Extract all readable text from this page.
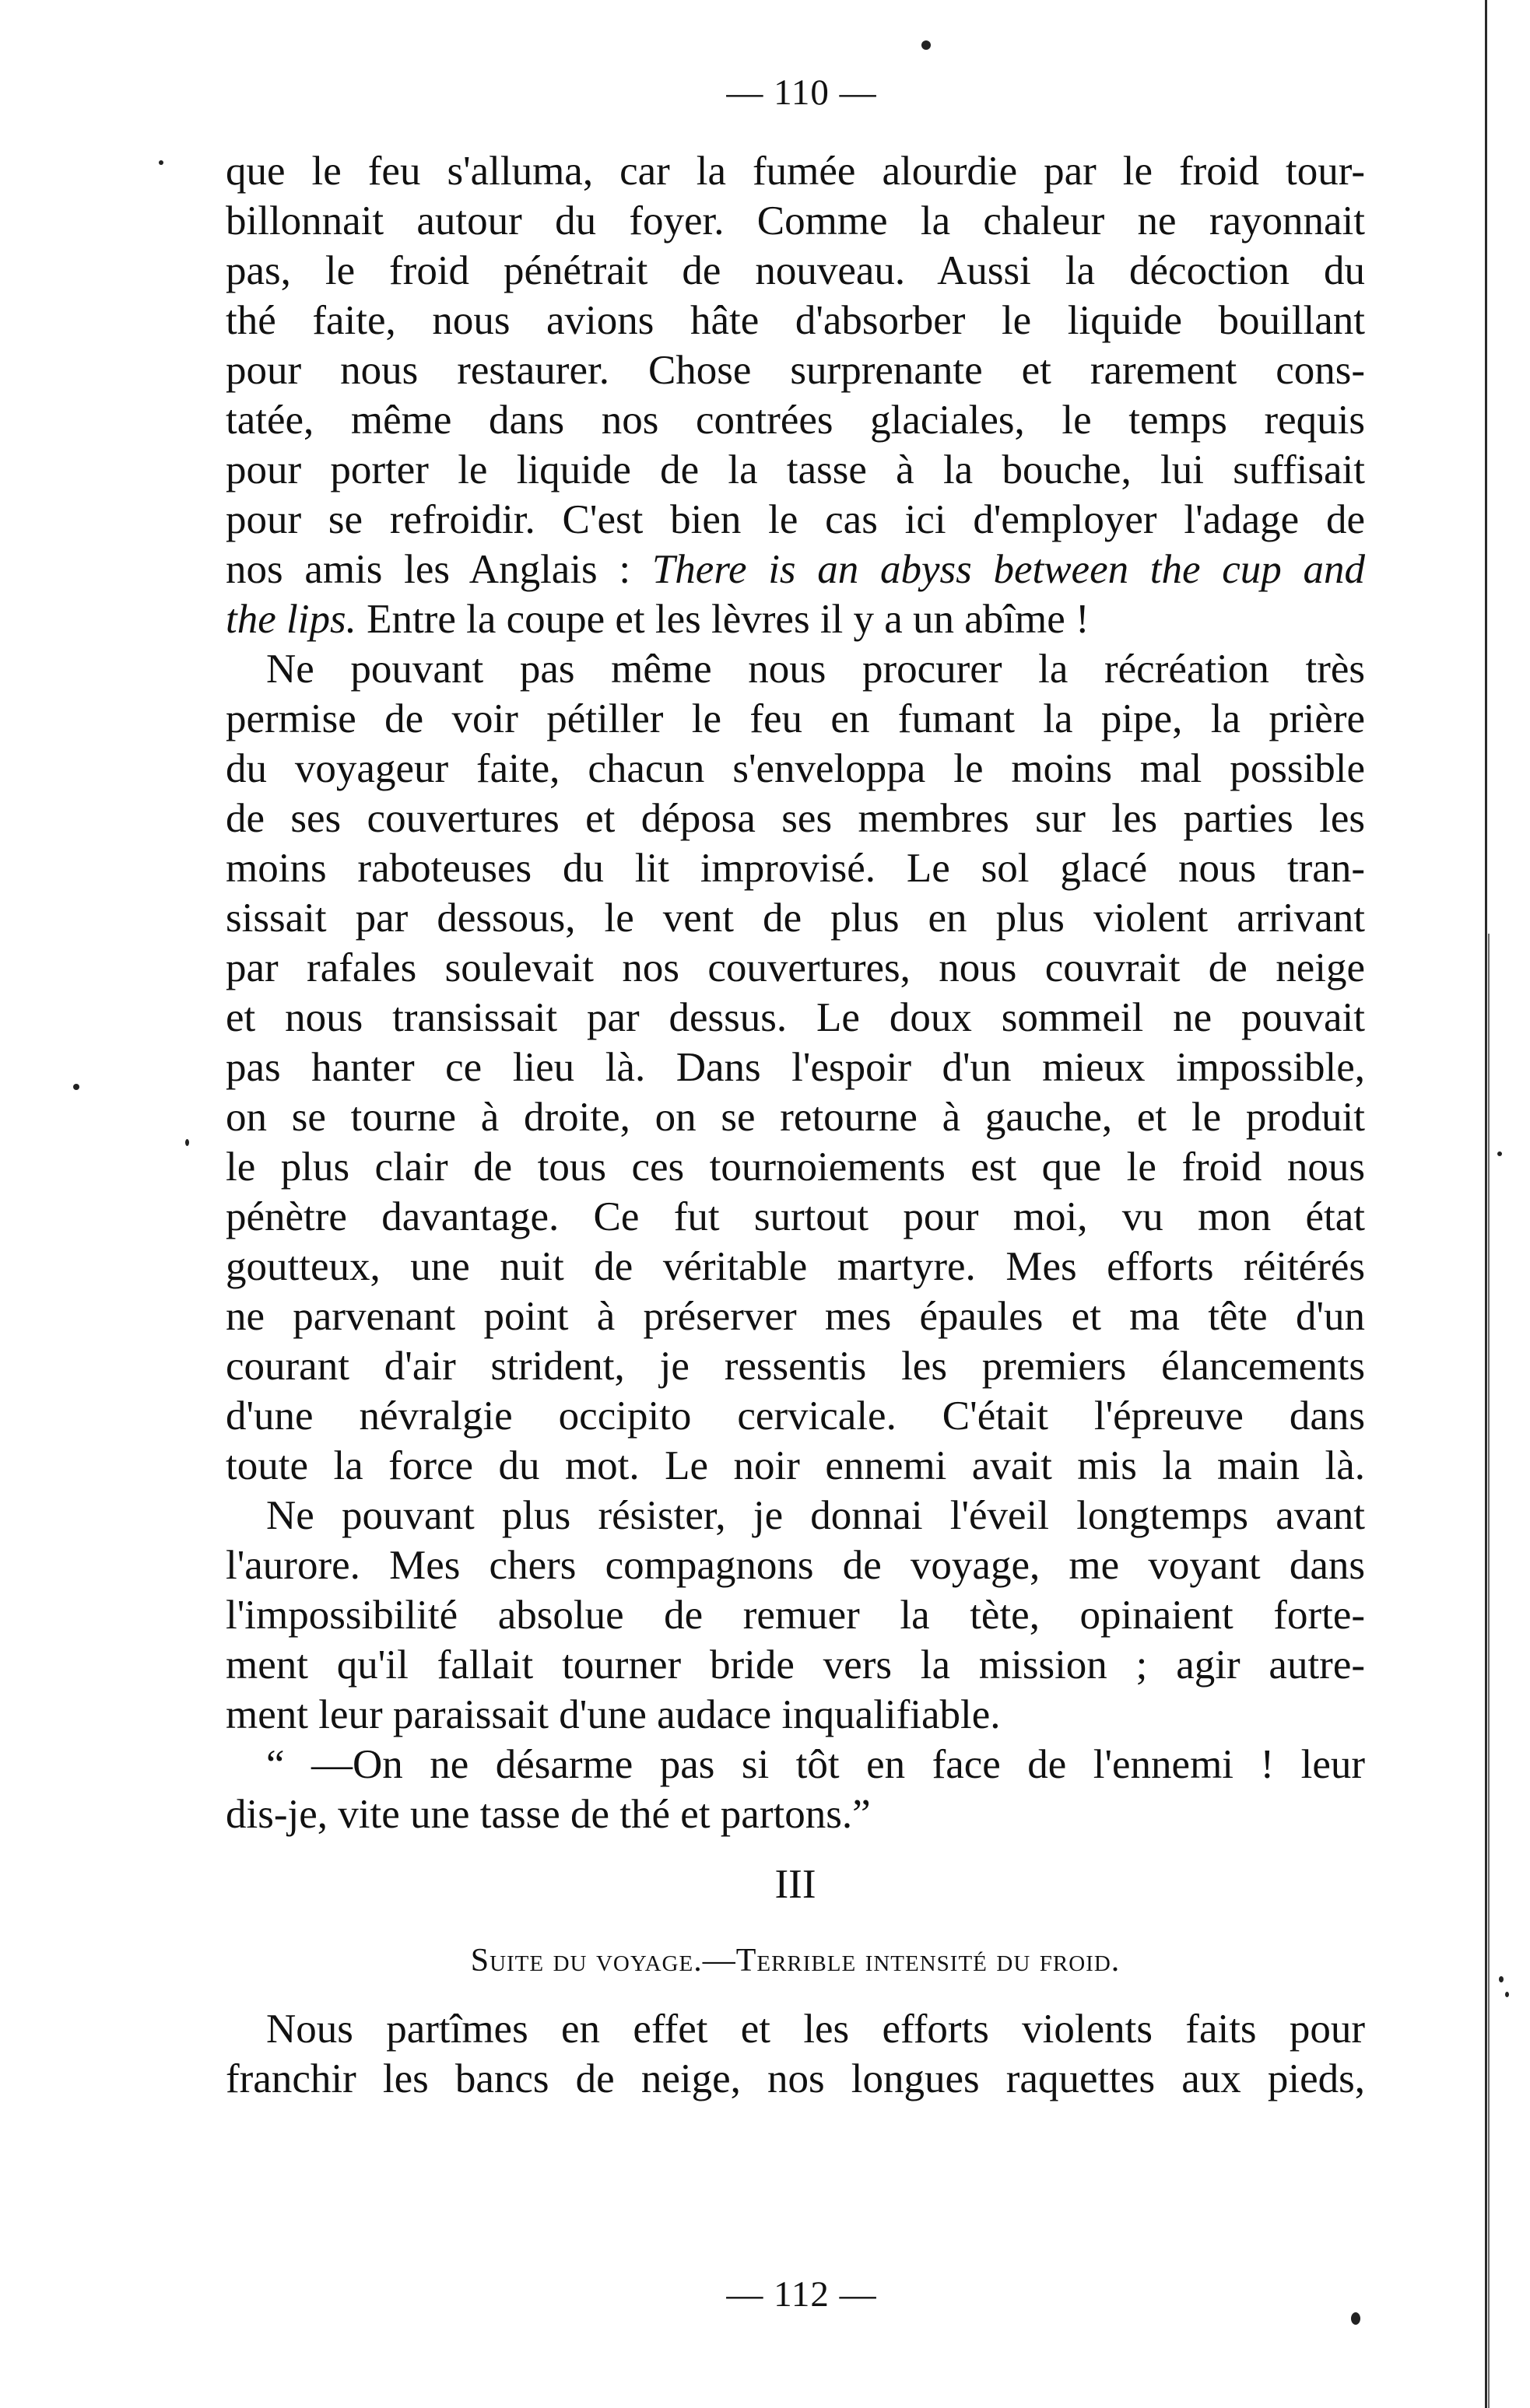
— 110 —
que le feu s'alluma, car la fumée alourdie par le froid tour-
billonnait autour du foyer. Comme la chaleur ne rayonnait
pas, le froid pénétrait de nouveau. Aussi la décoction du
thé faite, nous avions hâte d'absorber le liquide bouillant
pour nous restaurer. Chose surprenante et rarement cons-
tatée, même dans nos contrées glaciales, le temps requis
pour porter le liquide de la tasse à la bouche, lui suffisait
pour se refroidir. C'est bien le cas ici d'employer l'adage de
nos amis les Anglais : There is an abyss between the cup and
the lips. Entre la coupe et les lèvres il y a un abîme !
Ne pouvant pas même nous procurer la récréation très
permise de voir pétiller le feu en fumant la pipe, la prière
du voyageur faite, chacun s'enveloppa le moins mal possible
de ses couvertures et déposa ses membres sur les parties les
moins raboteuses du lit improvisé. Le sol glacé nous tran-
sissait par dessous, le vent de plus en plus violent arrivant
par rafales soulevait nos couvertures, nous couvrait de neige
et nous transissait par dessus. Le doux sommeil ne pouvait
pas hanter ce lieu là. Dans l'espoir d'un mieux impossible,
on se tourne à droite, on se retourne à gauche, et le produit
le plus clair de tous ces tournoiements est que le froid nous
pénètre davantage. Ce fut surtout pour moi, vu mon état
goutteux, une nuit de véritable martyre. Mes efforts réitérés
ne parvenant point à préserver mes épaules et ma tête d'un
courant d'air strident, je ressentis les premiers élancements
d'une névralgie occipito cervicale. C'était l'épreuve dans
toute la force du mot. Le noir ennemi avait mis la main là.
Ne pouvant plus résister, je donnai l'éveil longtemps avant
l'aurore. Mes chers compagnons de voyage, me voyant dans
l'impossibilité absolue de remuer la tète, opinaient forte-
ment qu'il fallait tourner bride vers la mission ; agir autre-
ment leur paraissait d'une audace inqualifiable.
“ —On ne désarme pas si tôt en face de l'ennemi ! leur
dis-je, vite une tasse de thé et partons.”
III
Suite du voyage.—Terrible intensité du froid.
Nous partîmes en effet et les efforts violents faits pour
franchir les bancs de neige, nos longues raquettes aux pieds,
— 112 —
